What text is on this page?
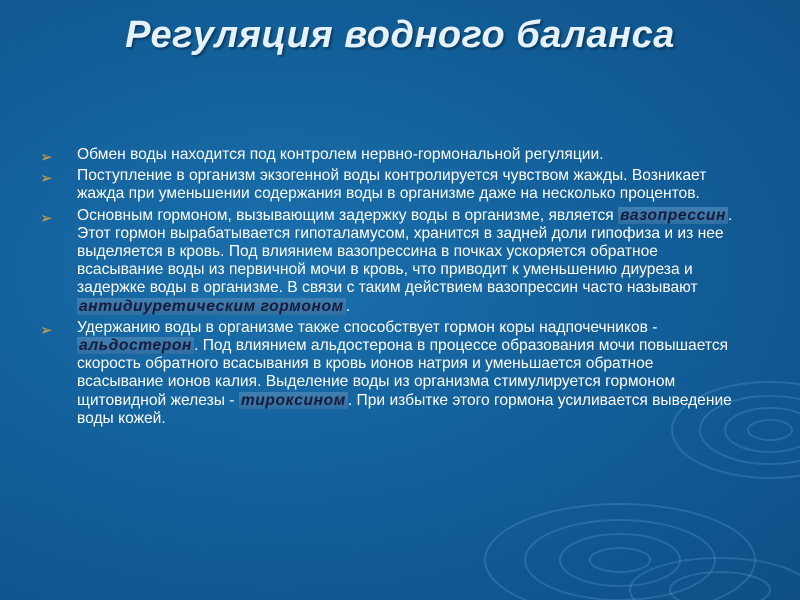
Регуляция водного баланса
➢ Обмен воды находится под контролем нервно-гормональной регуляции.
➢ Поступление в организм экзогенной воды контролируется чувством жажды. Возникает жажда при уменьшении содержания воды в организме даже на несколько процентов.
➢ Основным гормоном, вызывающим задержку воды в организме, является вазопрессин . Этот гормон вырабатывается гипоталамусом, хранится в задней доли гипофиза и из нее выделяется в кровь. Под влиянием вазопрессина в почках ускоряется обратное всасывание воды из первичной мочи в кровь, что приводит к уменьшению диуреза и задержке воды в организме. В связи с таким действием вазопрессин часто называют антидиуретическим гормоном .
➢ Удержанию воды в организме также способствует гормон коры надпочечников - альдостерон . Под влиянием альдостерона в процессе образования мочи повышается скорость обратного всасывания в кровь ионов натрия и уменьшается обратное всасывание ионов калия. Выделение воды из организма стимулируется гормоном щитовидной железы - тироксином . При избытке этого гормона усиливается выведение воды кожей.
